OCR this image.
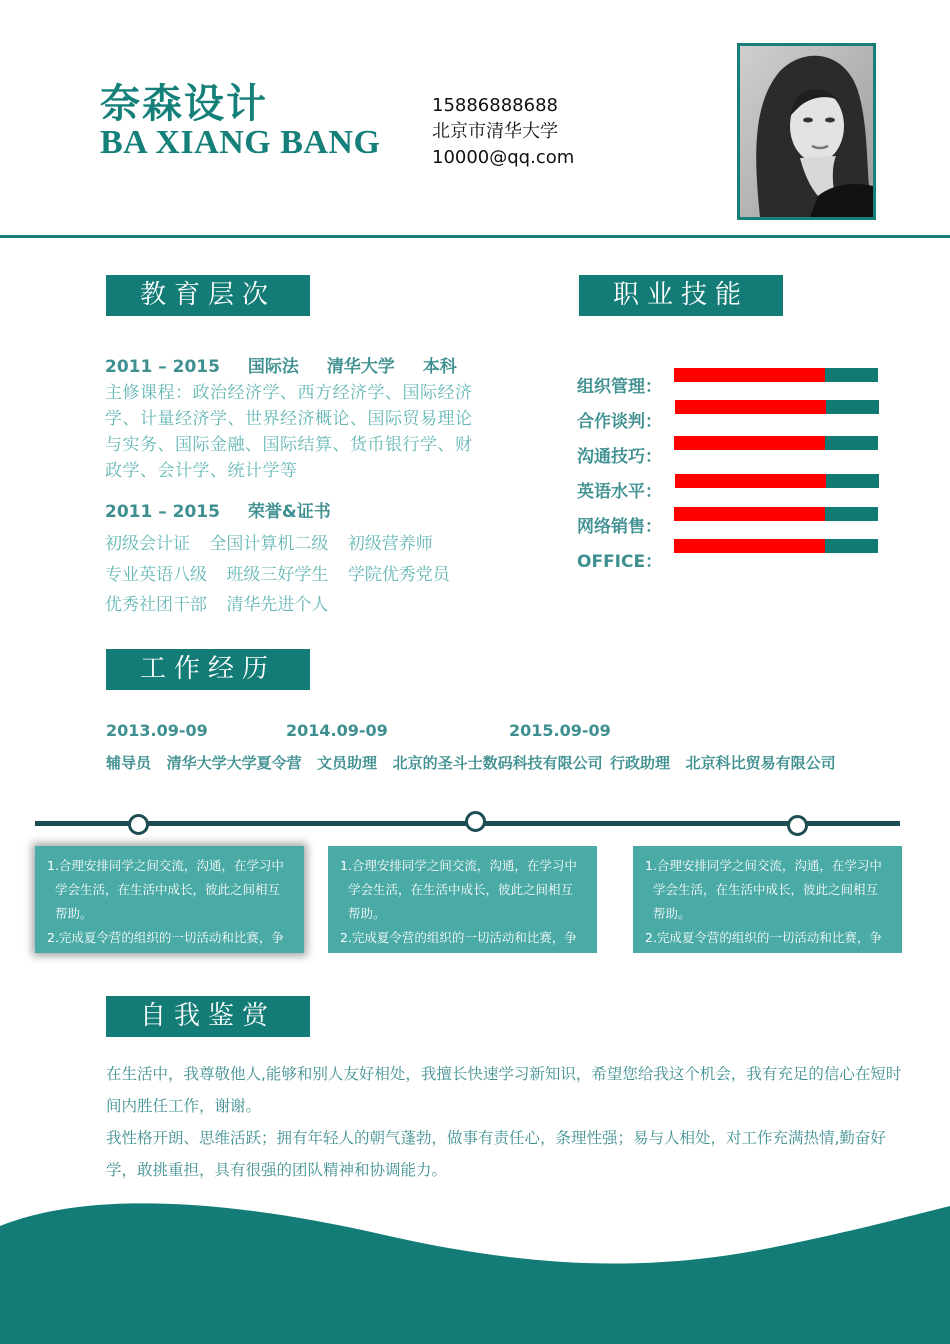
奈森设计
BA XIANG BANG
15886888688
北京市清华大学
10000@qq.com
教育层次
2011 – 2015 国际法 清华大学 本科
主修课程：政治经济学、西方经济学、国际经济学、计量经济学、世界经济概论、国际贸易理论与实务、国际金融、国际结算、货币银行学、财政学、会计学、统计学等
2011 – 2015 荣誉&证书
初级会计证 全国计算机二级 初级营养师
专业英语八级 班级三好学生 学院优秀党员
优秀社团干部 清华先进个人
职业技能
组织管理：
合作谈判：
沟通技巧：
英语水平：
网络销售：
OFFICE：
工作经历
2013.09-09	2014.09-09	2015.09-09
辅导员   清华大学大学夏令营 文员助理   北京的圣斗士数码科技有限公司 行政助理   北京科比贸易有限公司

1.合理安排同学之间交流，沟通，在学习中

学会生活，在生活中成长，彼此之间相互

帮助。

2.完成夏令营的组织的一切活动和比赛，争

1.合理安排同学之间交流，沟通，在学习中

学会生活，在生活中成长，彼此之间相互

帮助。

2.完成夏令营的组织的一切活动和比赛，争

1.合理安排同学之间交流，沟通，在学习中

学会生活，在生活中成长，彼此之间相互

帮助。

2.完成夏令营的组织的一切活动和比赛，争

自我鉴赏

在生活中，我尊敬他人,能够和别人友好相处，我擅长快速学习新知识，希望您给我这个机会，我有充足的信心在短时间内胜任工作，谢谢。

我性格开朗、思维活跃；拥有年轻人的朝气蓬勃，做事有责任心，条理性强；易与人相处，对工作充满热情,勤奋好学，敢挑重担，具有很强的团队精神和协调能力。
